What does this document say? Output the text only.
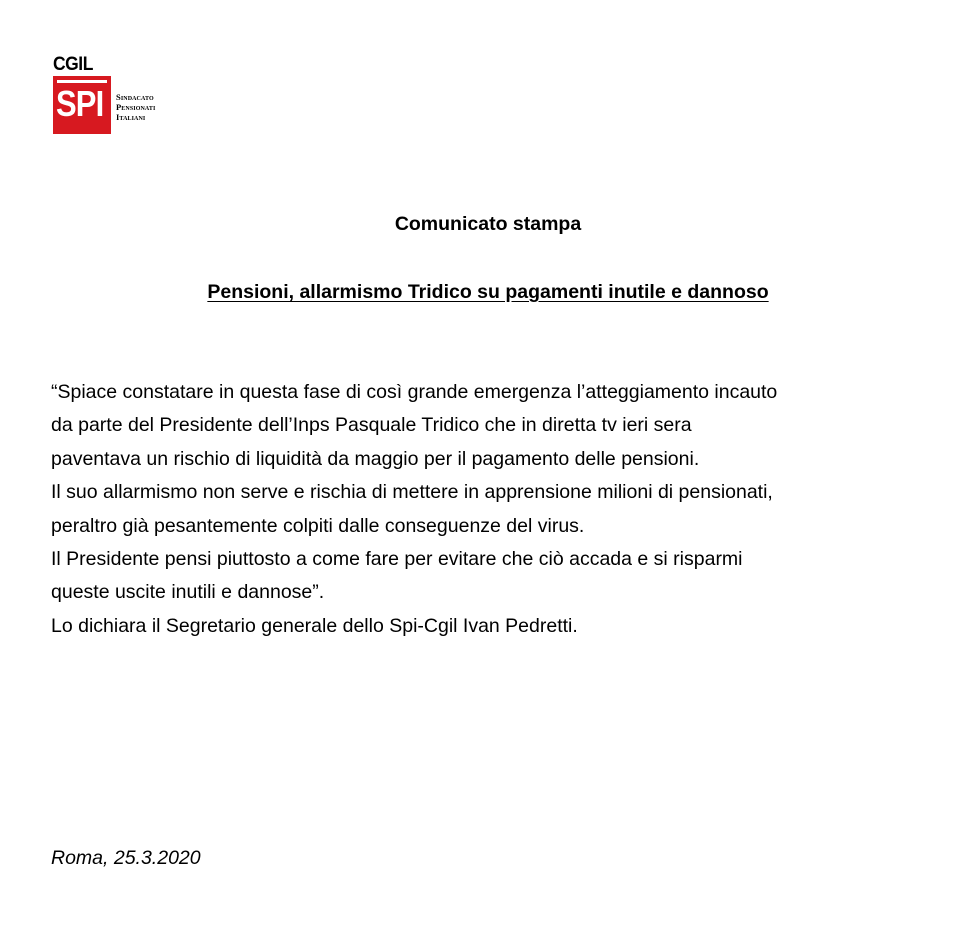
CGIL
SPI Sindacato
Pensionati
Italiani
Comunicato stampa
Pensioni, allarmismo Tridico su pagamenti inutile e dannoso
“Spiace constatare in questa fase di così grande emergenza l’atteggiamento incauto
da parte del Presidente dell’Inps Pasquale Tridico che in diretta tv ieri sera
paventava un rischio di liquidità da maggio per il pagamento delle pensioni.
Il suo allarmismo non serve e rischia di mettere in apprensione milioni di pensionati,
peraltro già pesantemente colpiti dalle conseguenze del virus.
Il Presidente pensi piuttosto a come fare per evitare che ciò accada e si risparmi
queste uscite inutili e dannose”.
Lo dichiara il Segretario generale dello Spi-Cgil Ivan Pedretti.
Roma, 25.3.2020
